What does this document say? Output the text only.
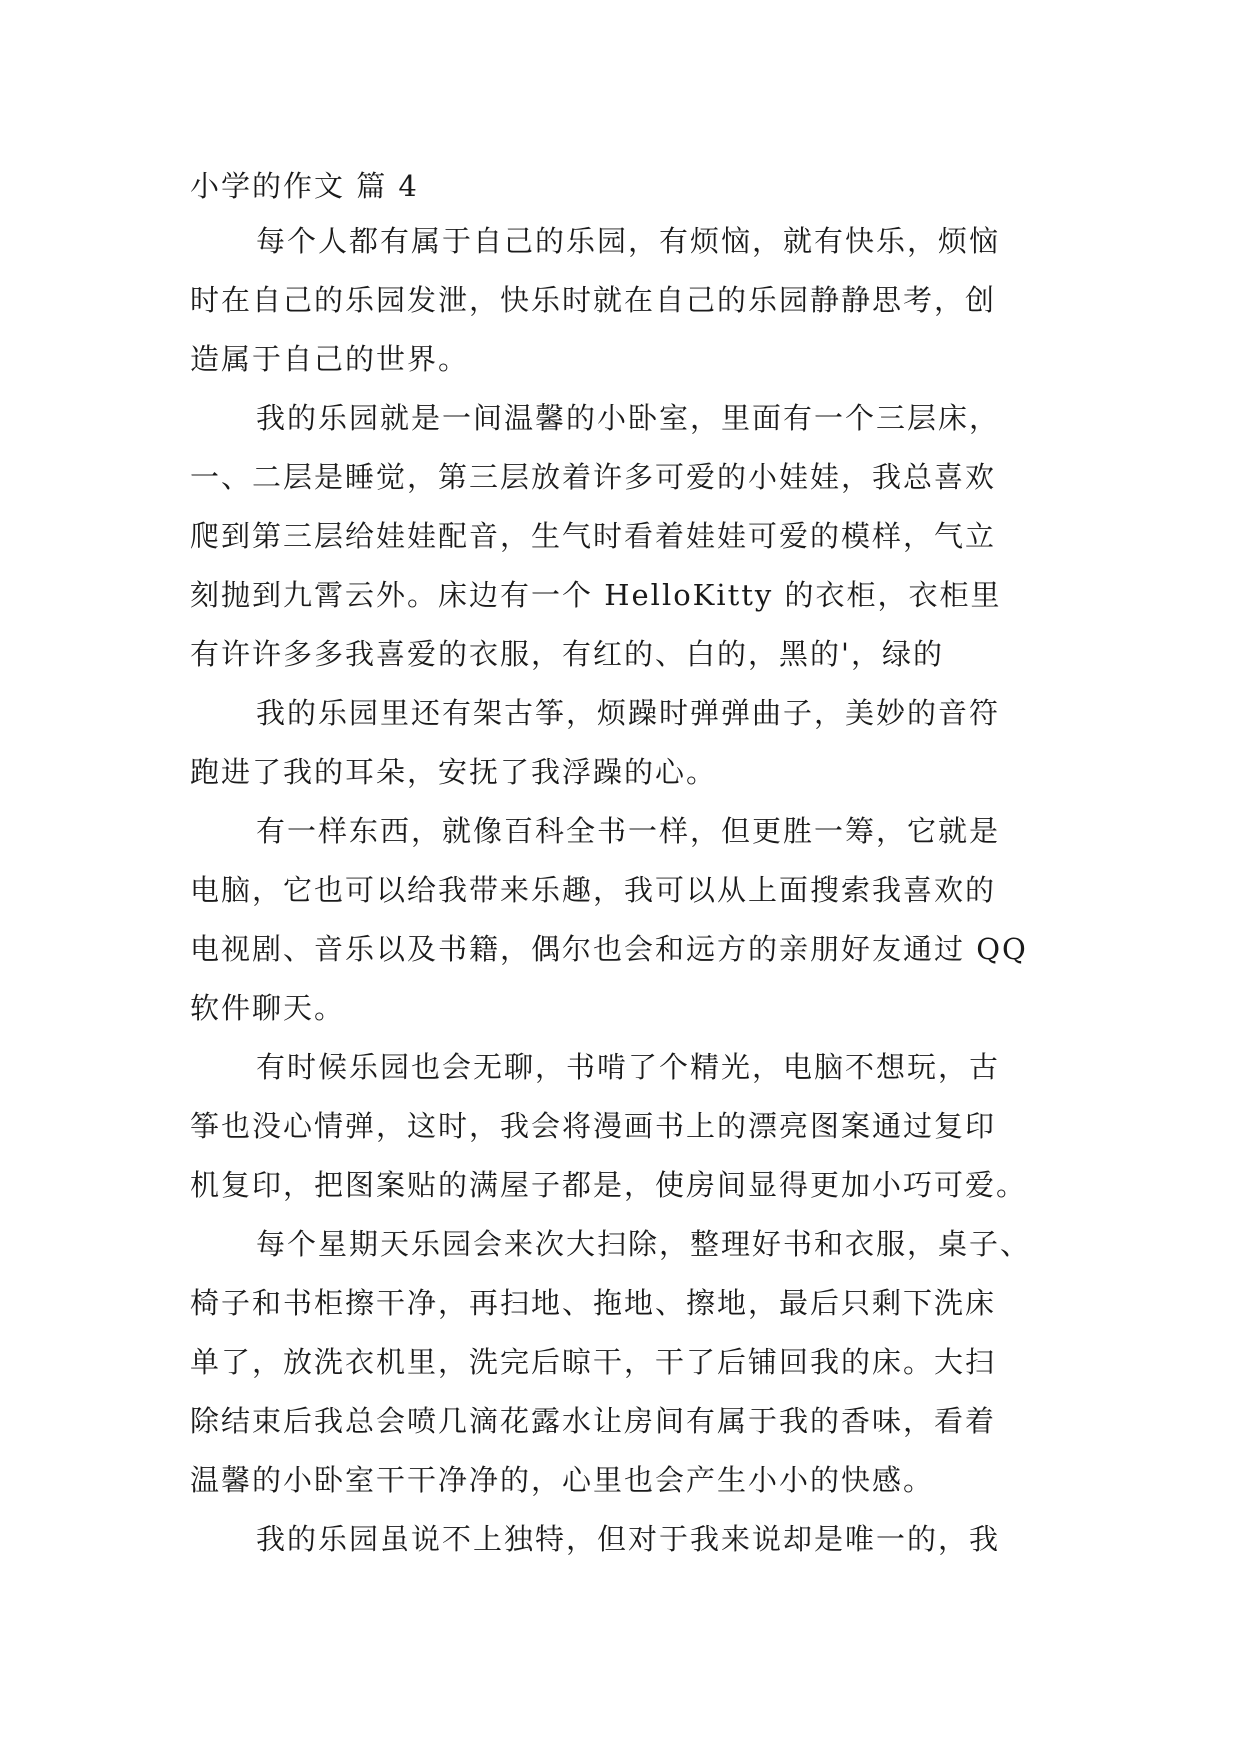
小学的作文 篇 4
每个人都有属于自己的乐园，有烦恼，就有快乐，烦恼
时在自己的乐园发泄，快乐时就在自己的乐园静静思考，创
造属于自己的世界。
我的乐园就是一间温馨的小卧室，里面有一个三层床，
一、二层是睡觉，第三层放着许多可爱的小娃娃，我总喜欢
爬到第三层给娃娃配音，生气时看着娃娃可爱的模样，气立
刻抛到九霄云外。床边有一个 HelloKitty 的衣柜，衣柜里
有许许多多我喜爱的衣服，有红的、白的，黑的'，绿的
我的乐园里还有架古筝，烦躁时弹弹曲子，美妙的音符
跑进了我的耳朵，安抚了我浮躁的心。
有一样东西，就像百科全书一样，但更胜一筹，它就是
电脑，它也可以给我带来乐趣，我可以从上面搜索我喜欢的
电视剧、音乐以及书籍，偶尔也会和远方的亲朋好友通过 QQ
软件聊天。
有时候乐园也会无聊，书啃了个精光，电脑不想玩，古
筝也没心情弹，这时，我会将漫画书上的漂亮图案通过复印
机复印，把图案贴的满屋子都是，使房间显得更加小巧可爱。
每个星期天乐园会来次大扫除，整理好书和衣服，桌子、
椅子和书柜擦干净，再扫地、拖地、擦地，最后只剩下洗床
单了，放洗衣机里，洗完后晾干，干了后铺回我的床。大扫
除结束后我总会喷几滴花露水让房间有属于我的香味，看着
温馨的小卧室干干净净的，心里也会产生小小的快感。
我的乐园虽说不上独特，但对于我来说却是唯一的，我
